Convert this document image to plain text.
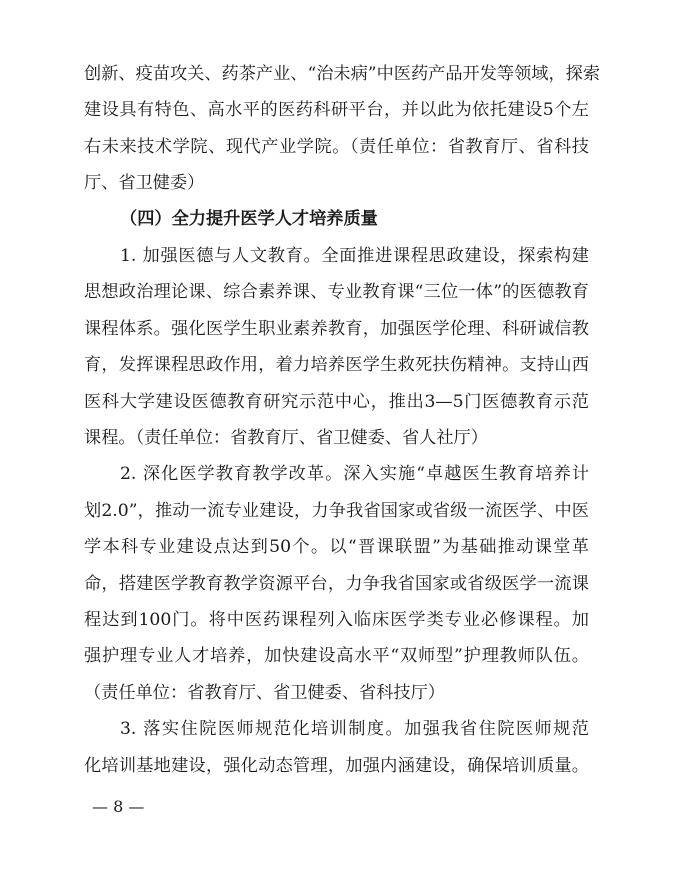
创新、疫苗攻关、药茶产业、“治未病”中医药产品开发等领域，探索
建设具有特色、高水平的医药科研平台，并以此为依托建设5个左
右未来技术学院、现代产业学院。（责任单位：省教育厅、省科技
厅、省卫健委）
（四）全力提升医学人才培养质量
1. 加强医德与人文教育。全面推进课程思政建设，探索构建
思想政治理论课、综合素养课、专业教育课“三位一体”的医德教育
课程体系。强化医学生职业素养教育，加强医学伦理、科研诚信教
育，发挥课程思政作用，着力培养医学生救死扶伤精神。支持山西
医科大学建设医德教育研究示范中心，推出3—5门医德教育示范
课程。（责任单位：省教育厅、省卫健委、省人社厅）
2. 深化医学教育教学改革。深入实施“卓越医生教育培养计
划2.0”，推动一流专业建设，力争我省国家或省级一流医学、中医
学本科专业建设点达到50个。以“晋课联盟”为基础推动课堂革
命，搭建医学教育教学资源平台，力争我省国家或省级医学一流课
程达到100门。将中医药课程列入临床医学类专业必修课程。加
强护理专业人才培养，加快建设高水平“双师型”护理教师队伍。
（责任单位：省教育厅、省卫健委、省科技厅）
3. 落实住院医师规范化培训制度。加强我省住院医师规范
化培训基地建设，强化动态管理，加强内涵建设，确保培训质量。
— 8 —
